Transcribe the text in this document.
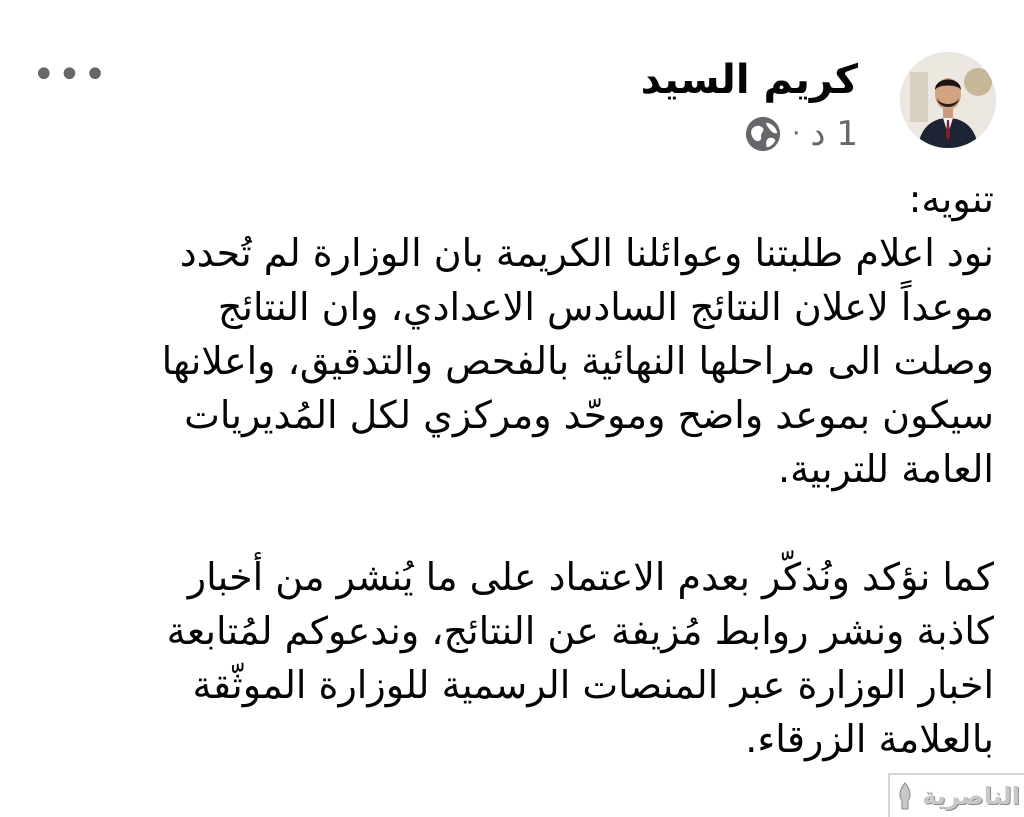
كريم السيد
1 د
·
•••

تنويه:
نود اعلام طلبتنا وعوائلنا الكريمة بان الوزارة لم تُحدد
موعداً لاعلان النتائج السادس الاعدادي، وان النتائج
وصلت الى مراحلها النهائية بالفحص والتدقيق، واعلانها
سيكون بموعد واضح وموحّد ومركزي لكل المُديريات
العامة للتربية.

كما نؤكد ونُذكّر بعدم الاعتماد على ما يُنشر من أخبار
كاذبة ونشر روابط مُزيفة عن النتائج، وندعوكم لمُتابعة
اخبار الوزارة عبر المنصات الرسمية للوزارة الموثّقة
بالعلامة الزرقاء.

الناصرية
